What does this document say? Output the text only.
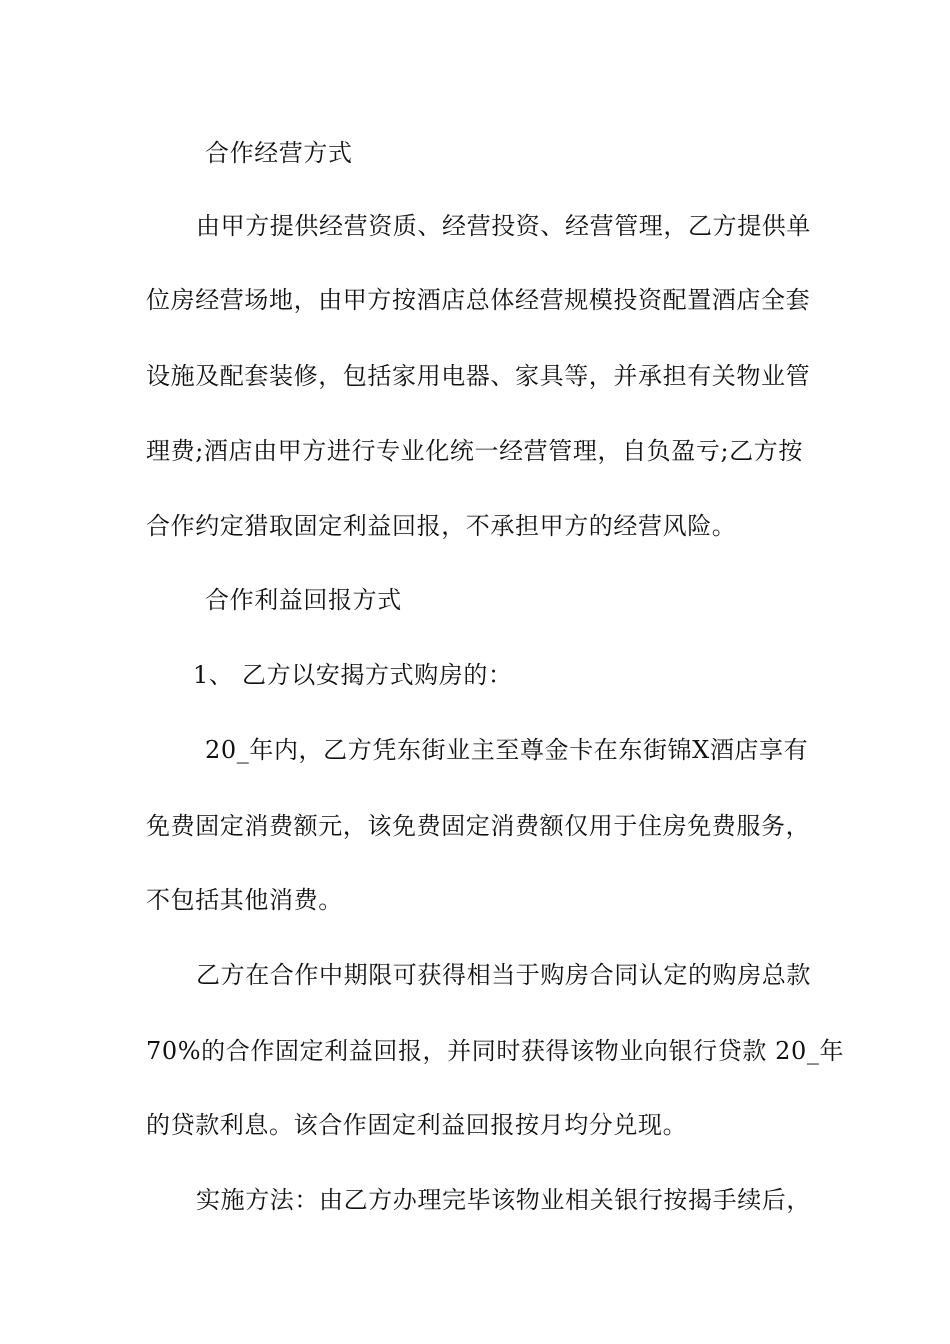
合作经营方式
由甲方提供经营资质、经营投资、经营管理，乙方提供单
位房经营场地，由甲方按酒店总体经营规模投资配置酒店全套
设施及配套装修，包括家用电器、家具等，并承担有关物业管
理费;酒店由甲方进行专业化统一经营管理，自负盈亏;乙方按
合作约定猎取固定利益回报，不承担甲方的经营风险。
合作利益回报方式
1、 乙方以安揭方式购房的：
20_年内，乙方凭东街业主至尊金卡在东街锦X酒店享有
免费固定消费额元，该免费固定消费额仅用于住房免费服务，
不包括其他消费。
乙方在合作中期限可获得相当于购房合同认定的购房总款
70%的合作固定利益回报，并同时获得该物业向银行贷款 20_年
的贷款利息。该合作固定利益回报按月均分兑现。
实施方法：由乙方办理完毕该物业相关银行按揭手续后，
